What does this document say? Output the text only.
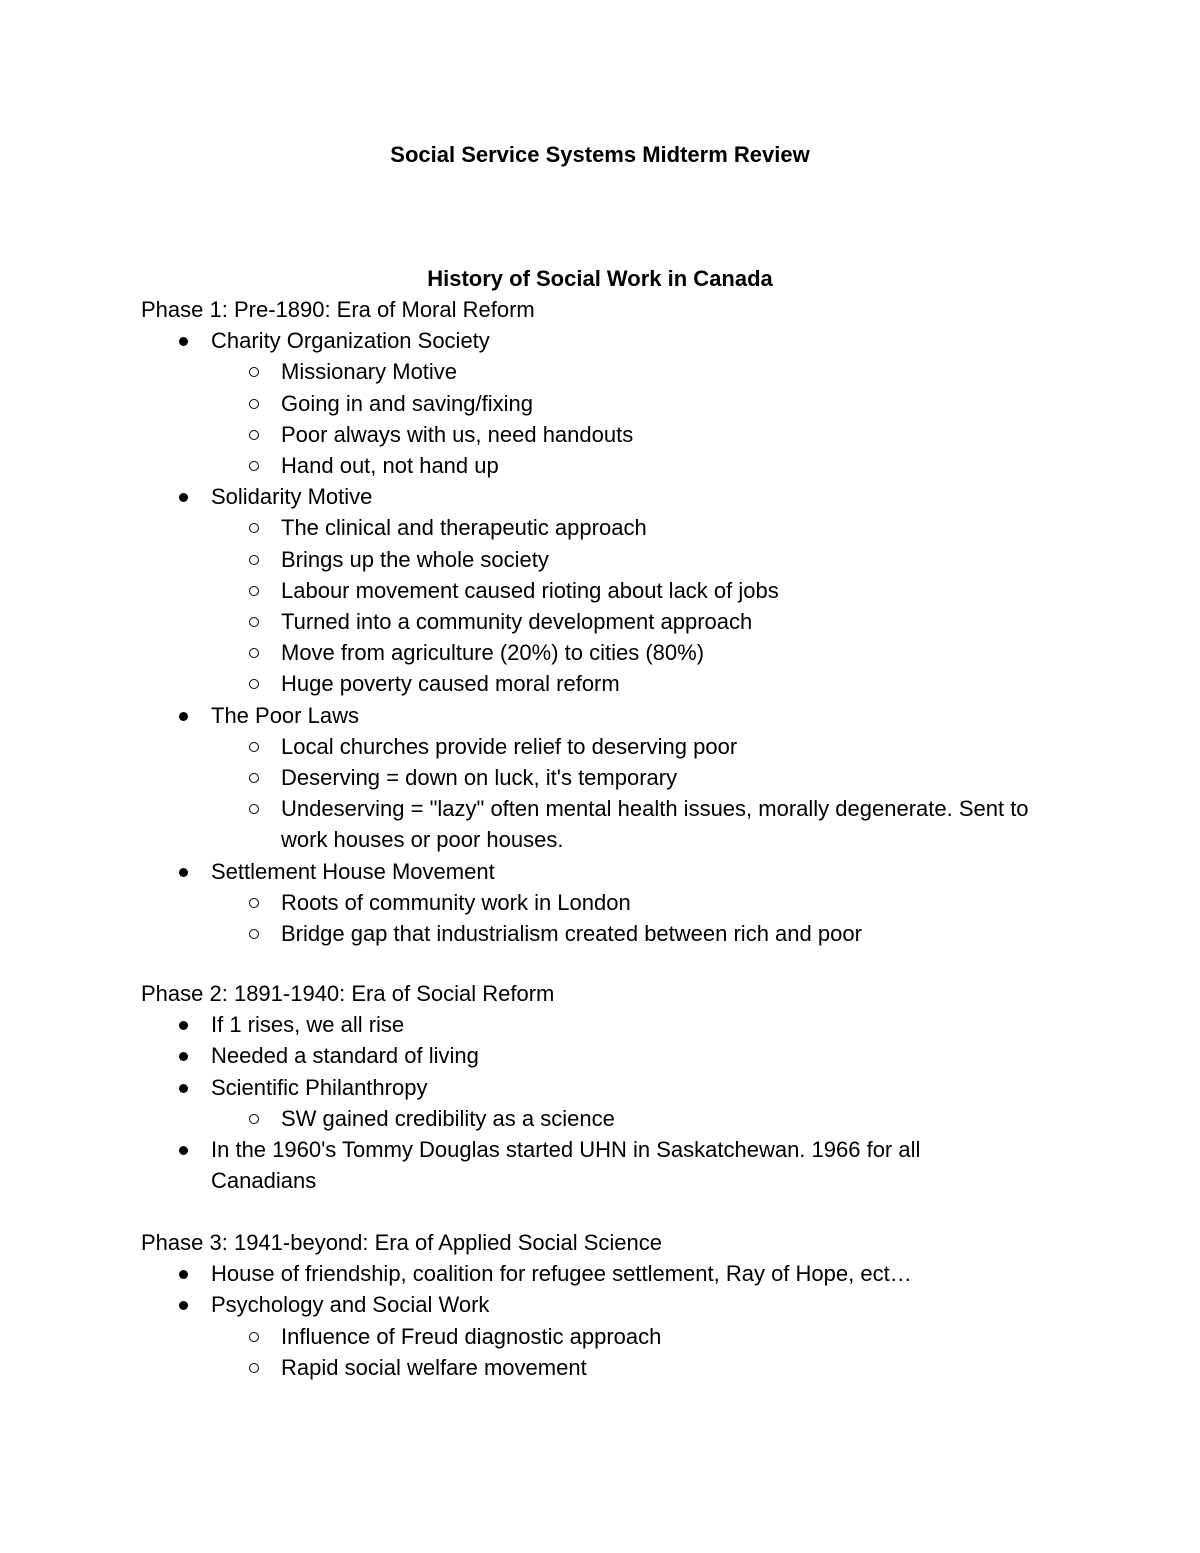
Social Service Systems Midterm Review
History of Social Work in Canada

Phase 1: Pre-1890: Era of Moral Reform

Charity Organization Society
Missionary Motive
Going in and saving/fixing
Poor always with us, need handouts
Hand out, not hand up
Solidarity Motive
The clinical and therapeutic approach
Brings up the whole society
Labour movement caused rioting about lack of jobs
Turned into a community development approach
Move from agriculture (20%) to cities (80%)
Huge poverty caused moral reform
The Poor Laws
Local churches provide relief to deserving poor
Deserving = down on luck, it's temporary
Undeserving = "lazy" often mental health issues, morally degenerate. Sent to work houses or poor houses.
Settlement House Movement
Roots of community work in London
Bridge gap that industrialism created between rich and poor

Phase 2: 1891-1940: Era of Social Reform

If 1 rises, we all rise
Needed a standard of living
Scientific Philanthropy
SW gained credibility as a science
In the 1960's Tommy Douglas started UHN in Saskatchewan. 1966 for all Canadians

Phase 3: 1941-beyond: Era of Applied Social Science

House of friendship, coalition for refugee settlement, Ray of Hope, ect…
Psychology and Social Work
Influence of Freud diagnostic approach
Rapid social welfare movement
